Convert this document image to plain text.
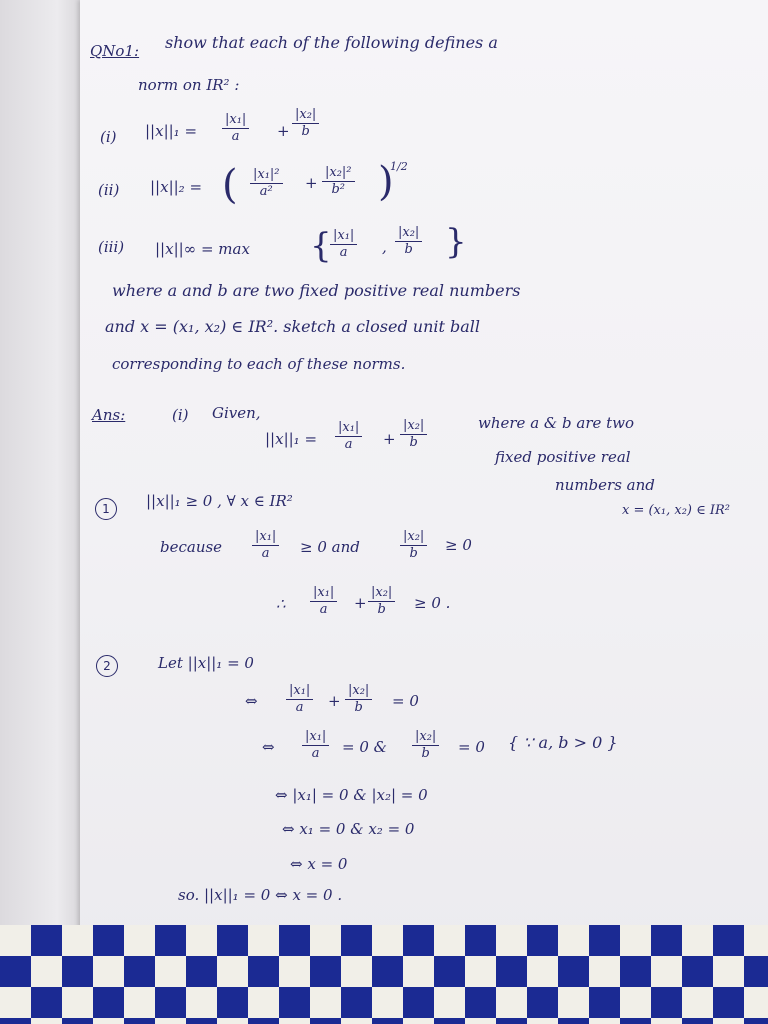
QNo1: show that each of the following defines a
norm on IR² :
(i) $||x||_1 = \frac{\text{|x₁|}}{a} + \frac{\text{|x₂|}}{b}$
(ii) ||x||₂ = ( $\frac{\text{|x₁|²}}{\text{a²}} + \frac{\text{|x₂|²}}{\text{b²}}$ )
1/2
(iii) ||x||∞ = max {
$\frac{\text{|x₁|}}{a}$ , $\frac{\text{|x₂|}}{b}$ }
where a and b are two fixed positive real numbers
and x = (x₁, x₂) ∈ IR². sketch a closed unit ball
corresponding to each of these norms.
Ans:	(i) Given,
$||x||_1 = \frac{\text{|x₁|}}{a} + \frac{\text{|x₂|}}{b}$	where a & b are two
fixed positive real
numbers and
x = (x₁, x₂) ∈ IR²
1	||x||₁ ≥ 0 , ∀ x ∈ IR²
because $\frac{\text{|x₁|}}{a} \ge 0$ and	$\frac{\text{|x₂|}}{b} \ge 0$
∴ $\frac{\text{|x₁|}}{a} + \frac{\text{|x₂|}}{b} \ge 0$ .
2	Let ||x||₁ = 0
⇔ $\frac{\text{|x₁|}}{a} + \frac{\text{|x₂|}}{b} = 0$
⇔ $\frac{\text{|x₁|}}{a} = 0$ & $\frac{\text{|x₂|}}{b} = 0$ { ∵ a, b > 0 }
⇔ |x₁| = 0 & |x₂| = 0
⇔ x₁ = 0 & x₂ = 0
⇔ x = 0
so. ||x||₁ = 0 ⇔ x = 0 .
